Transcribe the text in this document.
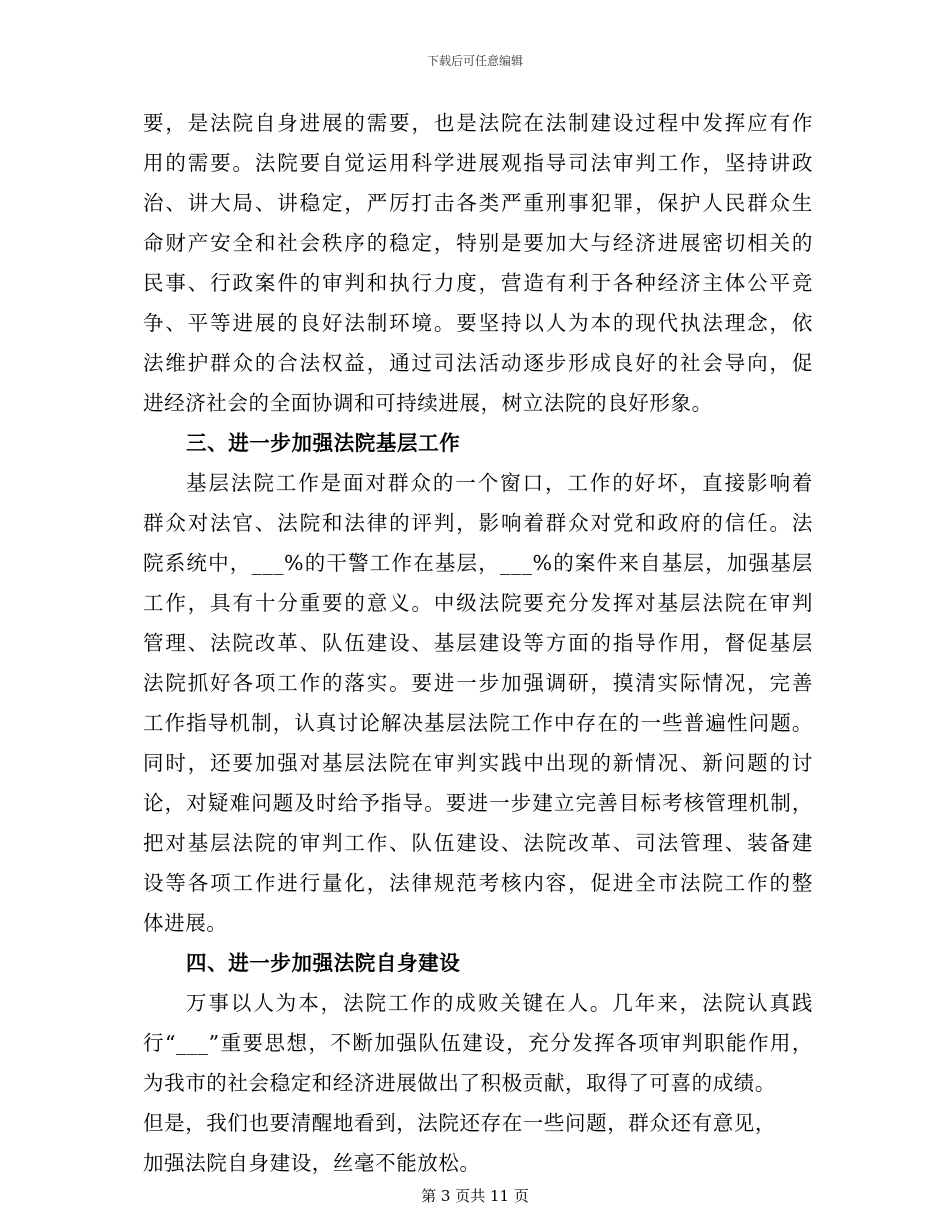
下载后可任意编辑
要，是法院自身进展的需要，也是法院在法制建设过程中发挥应有作
用的需要。法院要自觉运用科学进展观指导司法审判工作，坚持讲政
治、讲大局、讲稳定，严厉打击各类严重刑事犯罪，保护人民群众生
命财产安全和社会秩序的稳定，特别是要加大与经济进展密切相关的
民事、行政案件的审判和执行力度，营造有利于各种经济主体公平竞
争、平等进展的良好法制环境。要坚持以人为本的现代执法理念，依
法维护群众的合法权益，通过司法活动逐步形成良好的社会导向，促
进经济社会的全面协调和可持续进展，树立法院的良好形象。
三、进一步加强法院基层工作
基层法院工作是面对群众的一个窗口，工作的好坏，直接影响着
群众对法官、法院和法律的评判，影响着群众对党和政府的信任。法
院系统中，___%的干警工作在基层，___%的案件来自基层，加强基层
工作，具有十分重要的意义。中级法院要充分发挥对基层法院在审判
管理、法院改革、队伍建设、基层建设等方面的指导作用，督促基层
法院抓好各项工作的落实。要进一步加强调研，摸清实际情况，完善
工作指导机制，认真讨论解决基层法院工作中存在的一些普遍性问题。
同时，还要加强对基层法院在审判实践中出现的新情况、新问题的讨
论，对疑难问题及时给予指导。要进一步建立完善目标考核管理机制，
把对基层法院的审判工作、队伍建设、法院改革、司法管理、装备建
设等各项工作进行量化，法律规范考核内容，促进全市法院工作的整
体进展。
四、进一步加强法院自身建设
万事以人为本，法院工作的成败关键在人。几年来，法院认真践
行“___”重要思想，不断加强队伍建设，充分发挥各项审判职能作用，
为我市的社会稳定和经济进展做出了积极贡献，取得了可喜的成绩。
但是，我们也要清醒地看到，法院还存在一些问题，群众还有意见，
加强法院自身建设，丝毫不能放松。
第 3 页共 11 页
